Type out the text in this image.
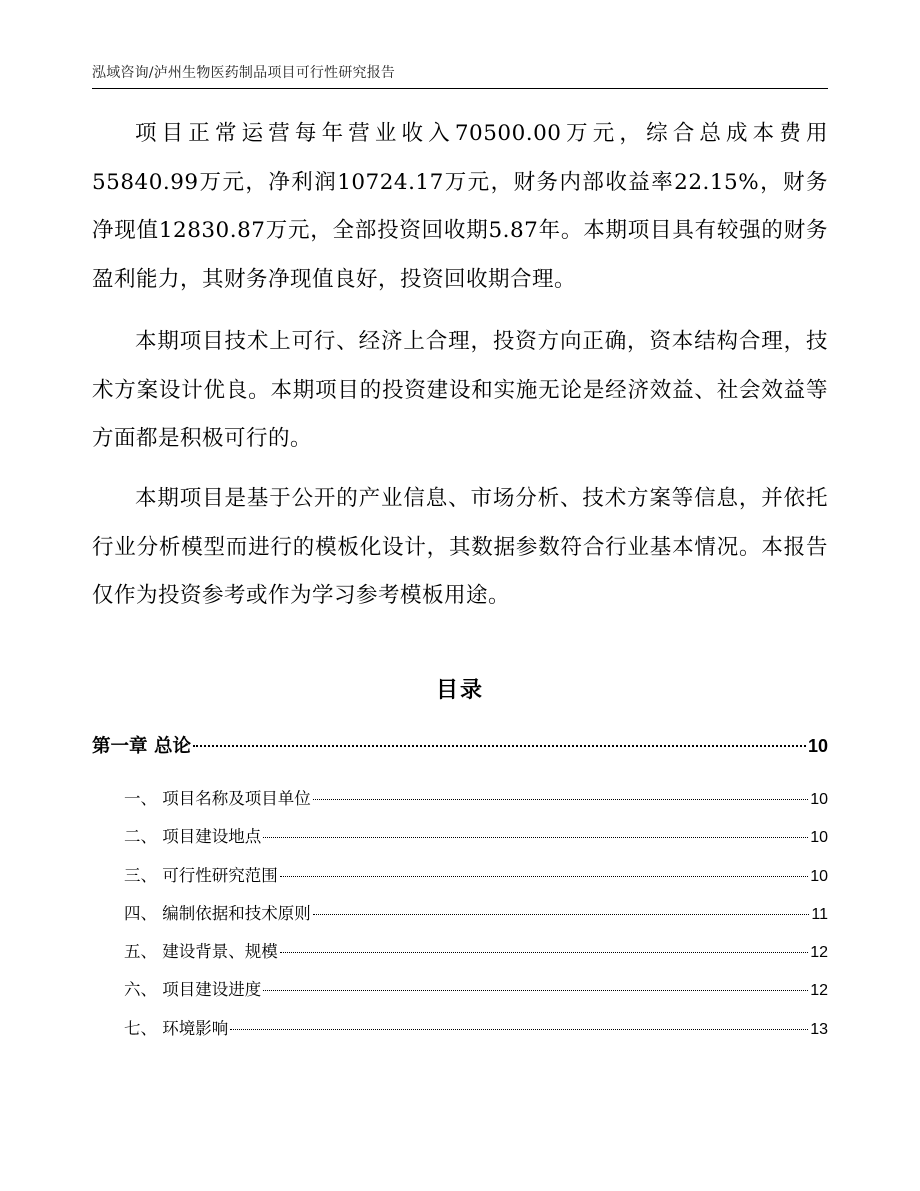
泓域咨询/泸州生物医药制品项目可行性研究报告

项目正常运营每年营业收入70500.00万元，综合总成本费用55840.99万元，净利润10724.17万元，财务内部收益率22.15%，财务净现值12830.87万元，全部投资回收期5.87年。本期项目具有较强的财务盈利能力，其财务净现值良好，投资回收期合理。

本期项目技术上可行、经济上合理，投资方向正确，资本结构合理，技术方案设计优良。本期项目的投资建设和实施无论是经济效益、社会效益等方面都是积极可行的。

本期项目是基于公开的产业信息、市场分析、技术方案等信息，并依托行业分析模型而进行的模板化设计，其数据参数符合行业基本情况。本报告仅作为投资参考或作为学习参考模板用途。

目录
第一章 总论	10
一、 项目名称及项目单位	10
二、 项目建设地点	10
三、 可行性研究范围	10
四、 编制依据和技术原则	11
五、 建设背景、规模	12
六、 项目建设进度	12
七、 环境影响	13
